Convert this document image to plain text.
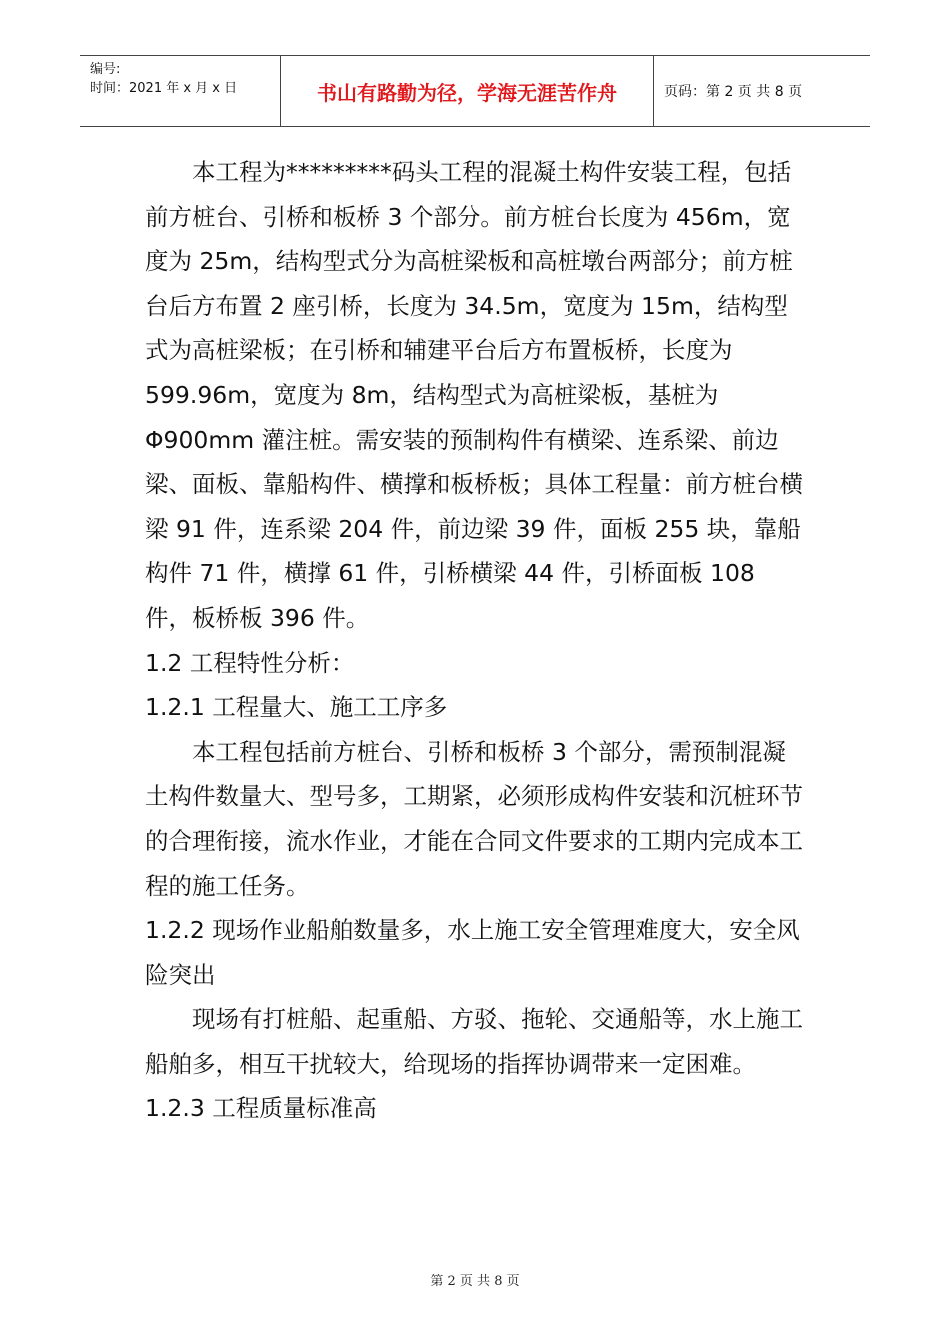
编号:
时间：2021 年 x 月 x 日	书山有路勤为径，学海无涯苦作舟	页码：第 2 页 共 8 页

本工程为*********码头工程的混凝土构件安装工程，包括前方桩台、引桥和板桥 3 个部分。前方桩台长度为 456m，宽度为 25m，结构型式分为高桩梁板和高桩墩台两部分；前方桩台后方布置 2 座引桥，长度为 34.5m，宽度为 15m，结构型式为高桩梁板；在引桥和辅建平台后方布置板桥，长度为 599.96m，宽度为 8m，结构型式为高桩梁板，基桩为 Φ900mm 灌注桩。需安装的预制构件有横梁、连系梁、前边梁、面板、靠船构件、横撑和板桥板；具体工程量：前方桩台横梁 91 件，连系梁 204 件，前边梁 39 件，面板 255 块，靠船构件 71 件，横撑 61 件，引桥横梁 44 件，引桥面板 108 件，板桥板 396 件。

1.2 工程特性分析：

1.2.1 工程量大、施工工序多

本工程包括前方桩台、引桥和板桥 3 个部分，需预制混凝土构件数量大、型号多，工期紧，必须形成构件安装和沉桩环节的合理衔接，流水作业，才能在合同文件要求的工期内完成本工程的施工任务。

1.2.2 现场作业船舶数量多，水上施工安全管理难度大，安全风险突出

现场有打桩船、起重船、方驳、拖轮、交通船等，水上施工船舶多，相互干扰较大，给现场的指挥协调带来一定困难。

1.2.3 工程质量标准高

第 2 页 共 8 页
